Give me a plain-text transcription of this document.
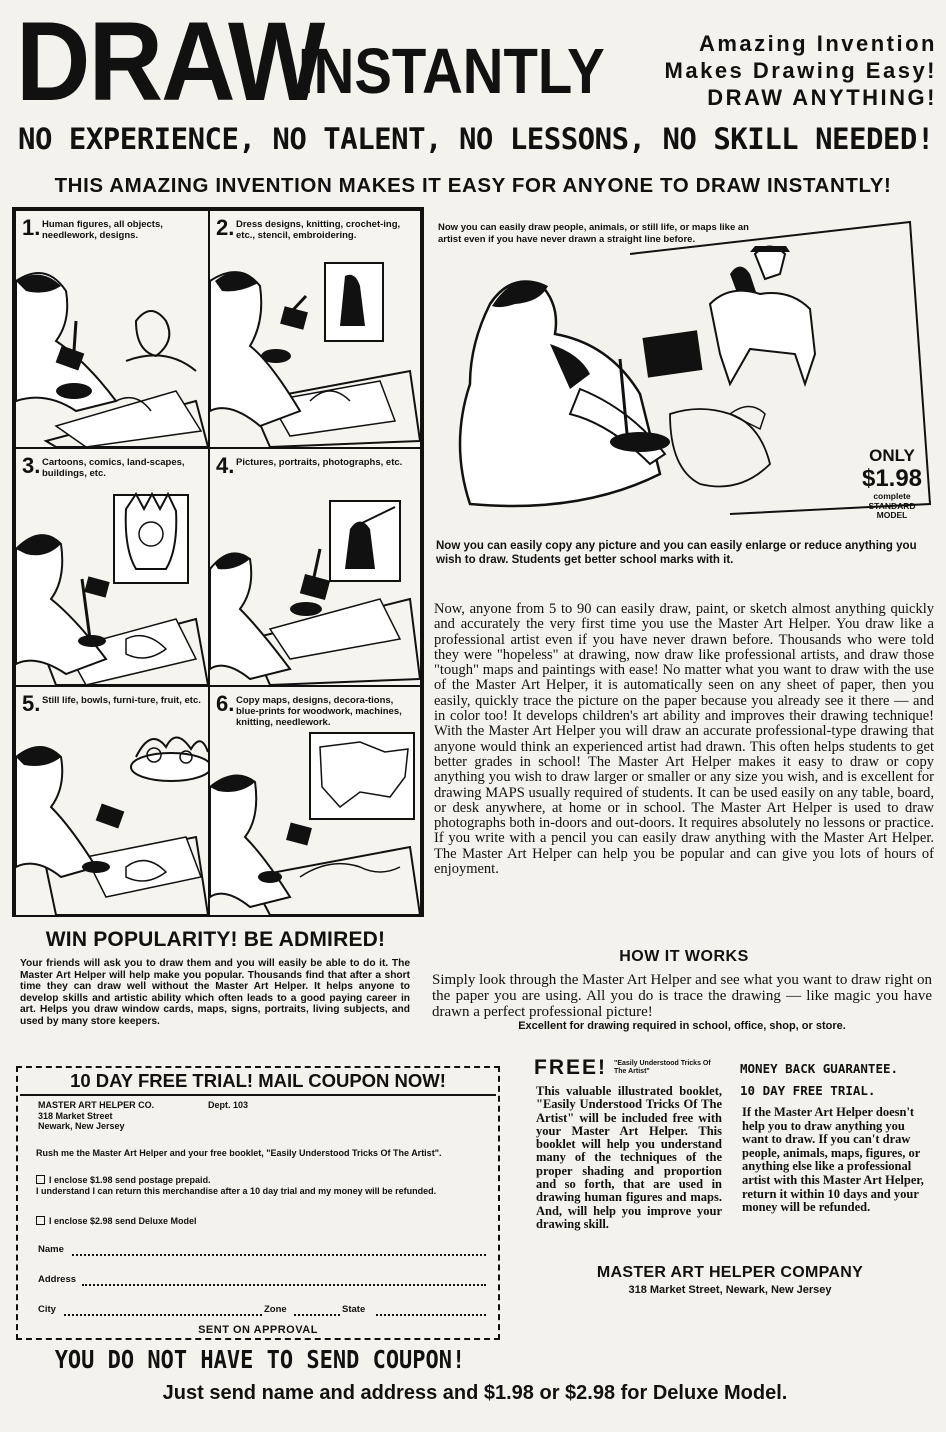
DRAW
INSTANTLY	Amazing Invention
Makes Drawing Easy!
DRAW ANYTHING!
NO EXPERIENCE, NO TALENT, NO LESSONS, NO SKILL NEEDED!
THIS AMAZING INVENTION MAKES IT EASY FOR ANYONE TO DRAW INSTANTLY!
1. Human figures, all objects, needlework, designs.	2. Dress designs, knitting, crochet-ing, etc., stencil, embroidering.
3. Cartoons, comics, land-scapes, buildings, etc.	4. Pictures, portraits, photographs, etc.
5. Still life, bowls, furni-ture, fruit, etc. 6. Copy maps, designs, decora-tions, blue-prints for woodwork, machines, knitting, needlework.
Now you can easily draw people, animals, or still life, or maps like an artist even if you have never drawn a straight line before.
ONLY
$1.98
complete
STANDARD
MODEL
Now you can easily copy any picture and you can easily enlarge or reduce anything you wish to draw. Students get better school marks with it.
Now, anyone from 5 to 90 can easily draw, paint, or sketch almost anything quickly and accurately the very first time you use the Master Art Helper. You draw like a professional artist even if you have never drawn before. Thousands who were told they were "hopeless" at drawing, now draw like professional artists, and draw those "tough" maps and paintings with ease! No matter what you want to draw with the use of the Master Art Helper, it is automatically seen on any sheet of paper, then you easily, quickly trace the picture on the paper because you already see it there — and in color too! It develops children's art ability and improves their drawing technique! With the Master Art Helper you will draw an accurate professional-type drawing that anyone would think an experienced artist had drawn. This often helps students to get better grades in school! The Master Art Helper makes it easy to draw or copy anything you wish to draw larger or smaller or any size you wish, and is excellent for drawing MAPS usually required of students. It can be used easily on any table, board, or desk anywhere, at home or in school. The Master Art Helper is used to draw photographs both in-doors and out-doors. It requires absolutely no lessons or practice. If you write with a pencil you can easily draw anything with the Master Art Helper. The Master Art Helper can help you be popular and can give you lots of hours of enjoyment.
HOW IT WORKS
Simply look through the Master Art Helper and see what you want to draw right on the paper you are using. All you do is trace the drawing — like magic you have drawn a perfect professional picture!
Excellent for drawing required in school, office, shop, or store.
WIN POPULARITY! BE ADMIRED!
Your friends will ask you to draw them and you will easily be able to do it. The Master Art Helper will help make you popular. Thousands find that after a short time they can draw well without the Master Art Helper. It helps anyone to develop skills and artistic ability which often leads to a good paying career in art. Helps you draw window cards, maps, signs, portraits, living subjects, and used by many store keepers.
10 DAY FREE TRIAL! MAIL COUPON NOW!
MASTER ART HELPER CO.
318 Market Street
Newark, New Jersey
Dept. 103
Rush me the Master Art Helper and your free booklet, "Easily Understood Tricks Of The Artist".
I enclose $1.98 send postage prepaid.
I understand I can return this merchandise after a 10 day trial and my money will be refunded.
I enclose $2.98 send Deluxe Model
Name
Address
City	Zone	State
SENT ON APPROVAL
FREE! "Easily Understood Tricks Of The Artist"
This valuable illustrated booklet, "Easily Understood Tricks Of The Artist" will be included free with your Master Art Helper. This booklet will help you understand many of the techniques of the proper shading and proportion and so forth, that are used in drawing human figures and maps. And, will help you improve your drawing skill.
MONEY BACK GUARANTEE.
10 DAY FREE TRIAL.
If the Master Art Helper doesn't help you to draw anything you want to draw. If you can't draw people, animals, maps, figures, or anything else like a professional artist with this Master Art Helper, return it within 10 days and your money will be refunded.
MASTER ART HELPER COMPANY
318 Market Street, Newark, New Jersey
YOU DO NOT HAVE TO SEND COUPON!
Just send name and address and $1.98 or $2.98 for Deluxe Model.
